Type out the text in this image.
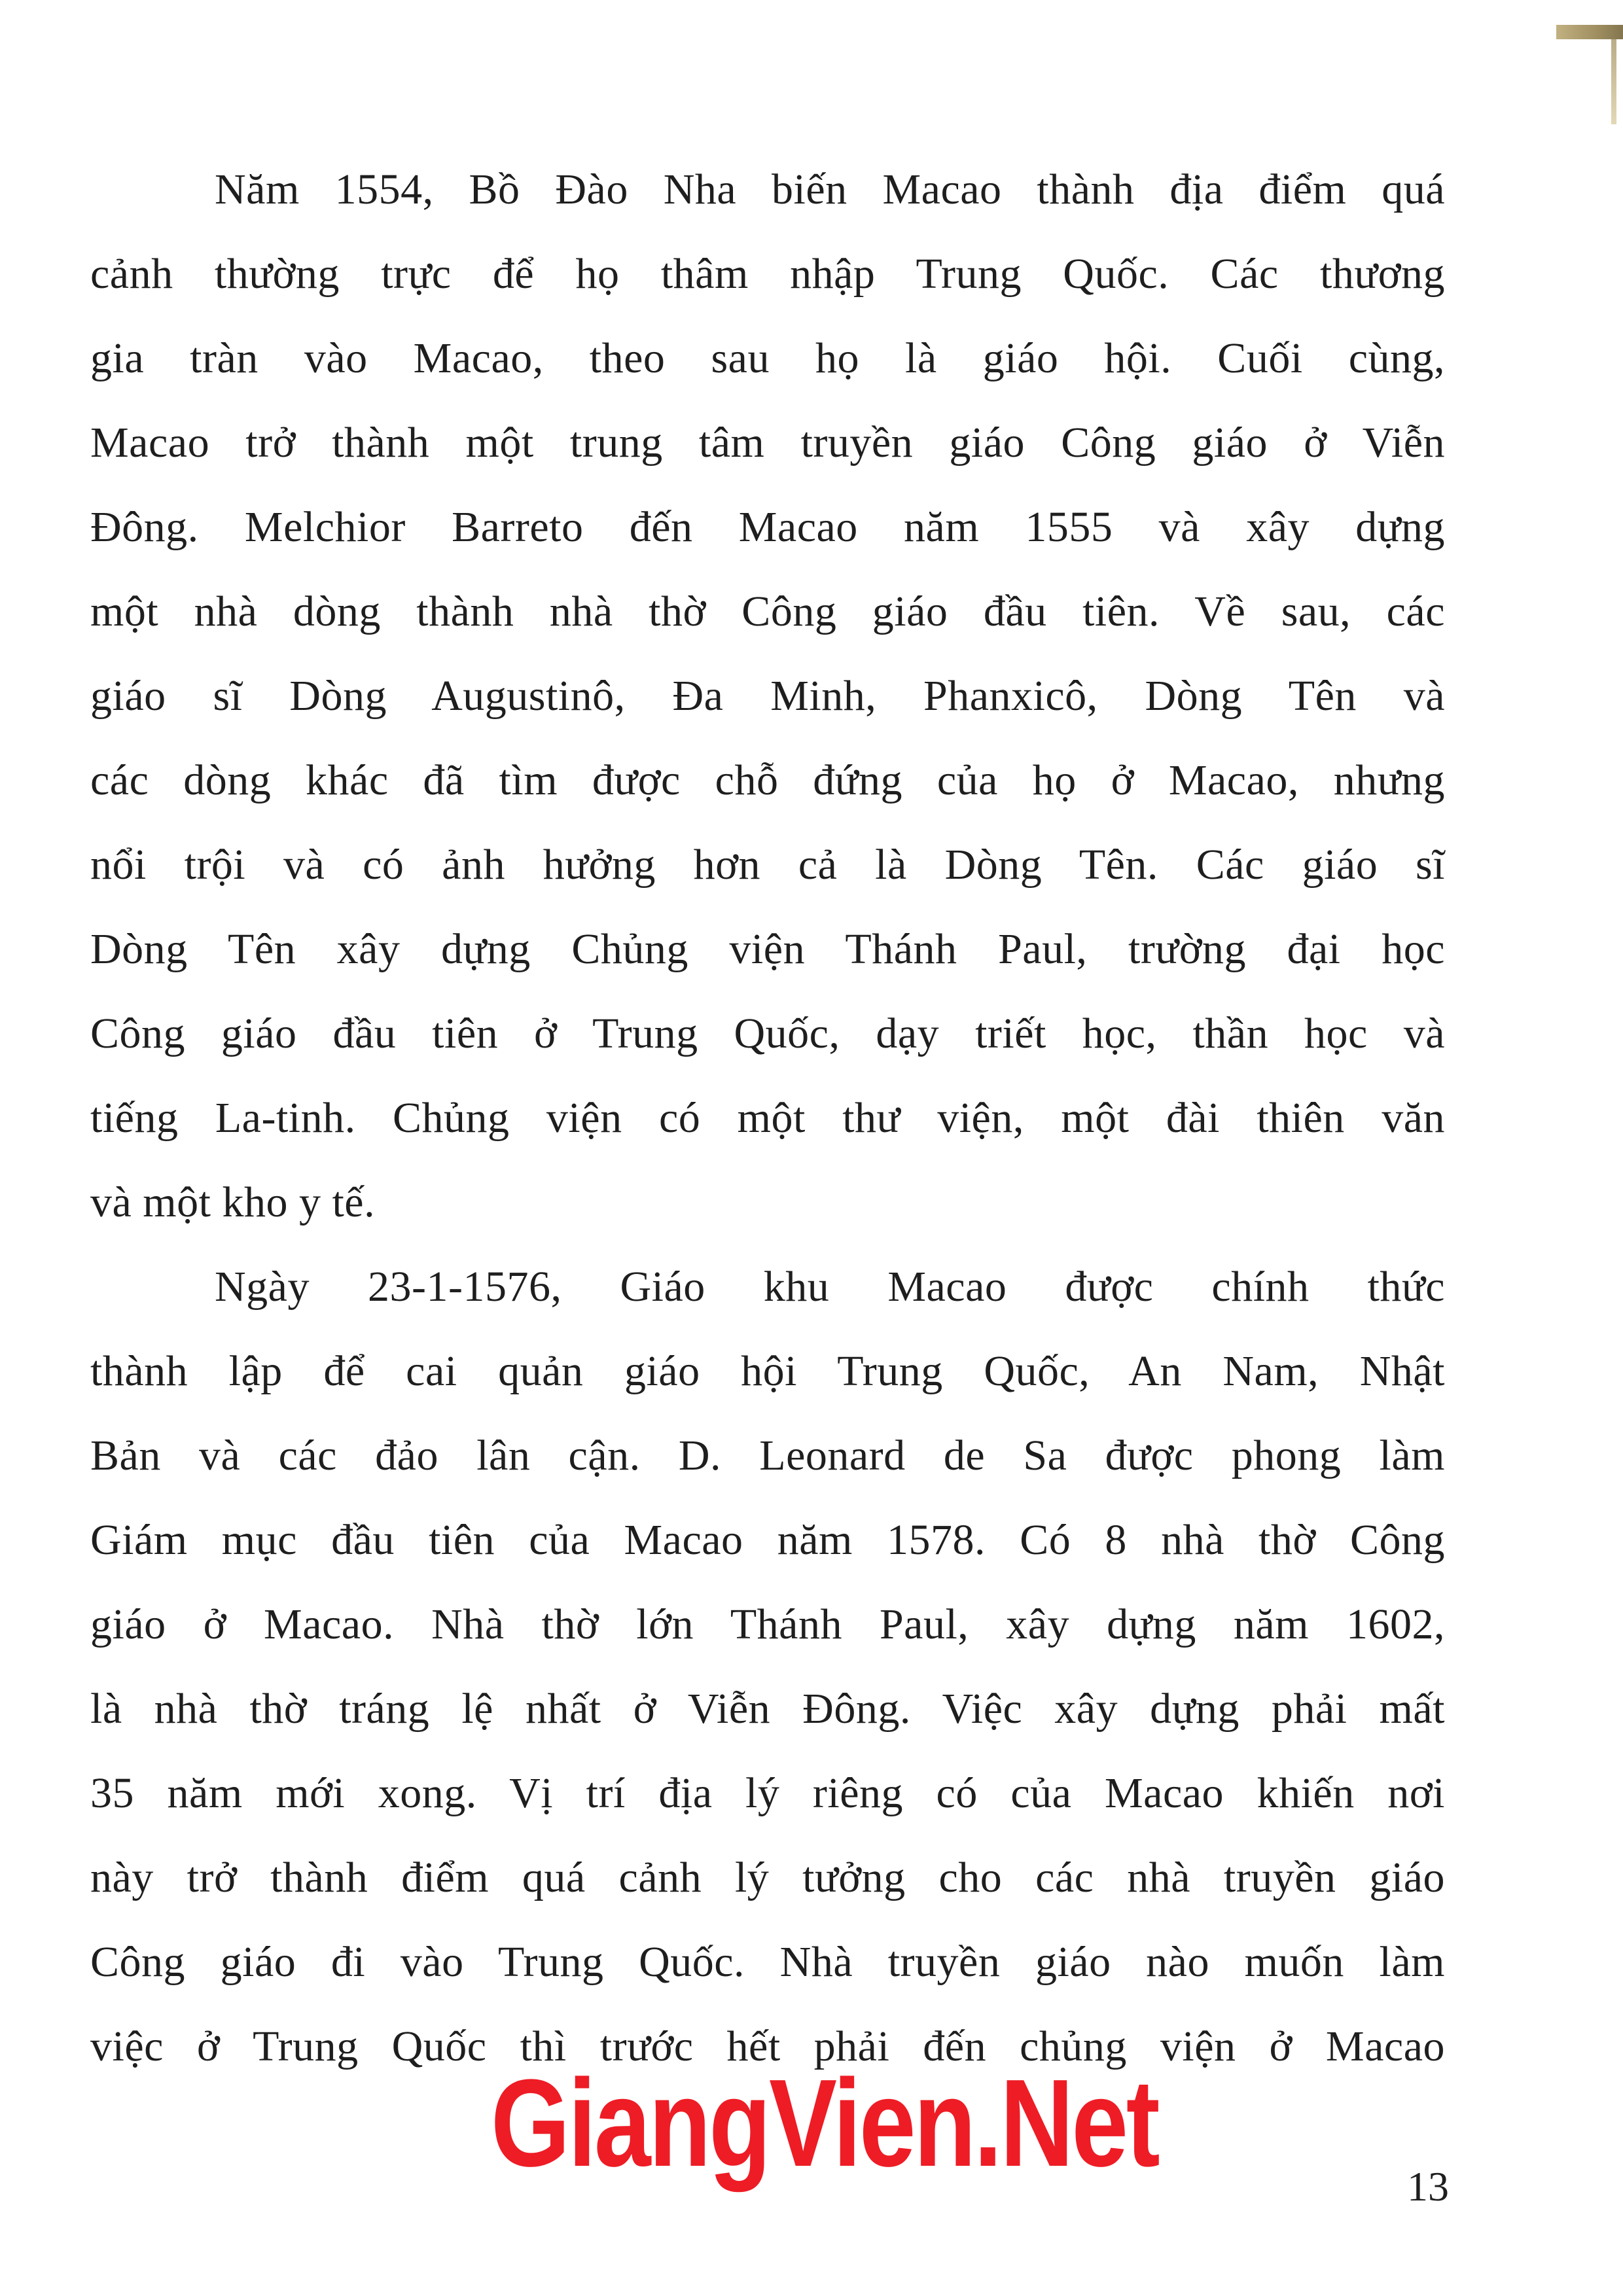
Năm 1554, Bồ Đào Nha biến Macao thành địa điểm quá
cảnh thường trực để họ thâm nhập Trung Quốc. Các thương
gia tràn vào Macao, theo sau họ là giáo hội. Cuối cùng,
Macao trở thành một trung tâm truyền giáo Công giáo ở Viễn
Đông. Melchior Barreto đến Macao năm 1555 và xây dựng
một nhà dòng thành nhà thờ Công giáo đầu tiên. Về sau, các
giáo sĩ Dòng Augustinô, Đa Minh, Phanxicô, Dòng Tên và
các dòng khác đã tìm được chỗ đứng của họ ở Macao, nhưng
nổi trội và có ảnh hưởng hơn cả là Dòng Tên. Các giáo sĩ
Dòng Tên xây dựng Chủng viện Thánh Paul, trường đại học
Công giáo đầu tiên ở Trung Quốc, dạy triết học, thần học và
tiếng La-tinh. Chủng viện có một thư viện, một đài thiên văn
và một kho y tế.

Ngày 23-1-1576, Giáo khu Macao được chính thức
thành lập để cai quản giáo hội Trung Quốc, An Nam, Nhật
Bản và các đảo lân cận. D. Leonard de Sa được phong làm
Giám mục đầu tiên của Macao năm 1578. Có 8 nhà thờ Công
giáo ở Macao. Nhà thờ lớn Thánh Paul, xây dựng năm 1602,
là nhà thờ tráng lệ nhất ở Viễn Đông. Việc xây dựng phải mất
35 năm mới xong. Vị trí địa lý riêng có của Macao khiến nơi
này trở thành điểm quá cảnh lý tưởng cho các nhà truyền giáo
Công giáo đi vào Trung Quốc. Nhà truyền giáo nào muốn làm
việc ở Trung Quốc thì trước hết phải đến chủng viện ở Macao

GiangVien.Net	13
